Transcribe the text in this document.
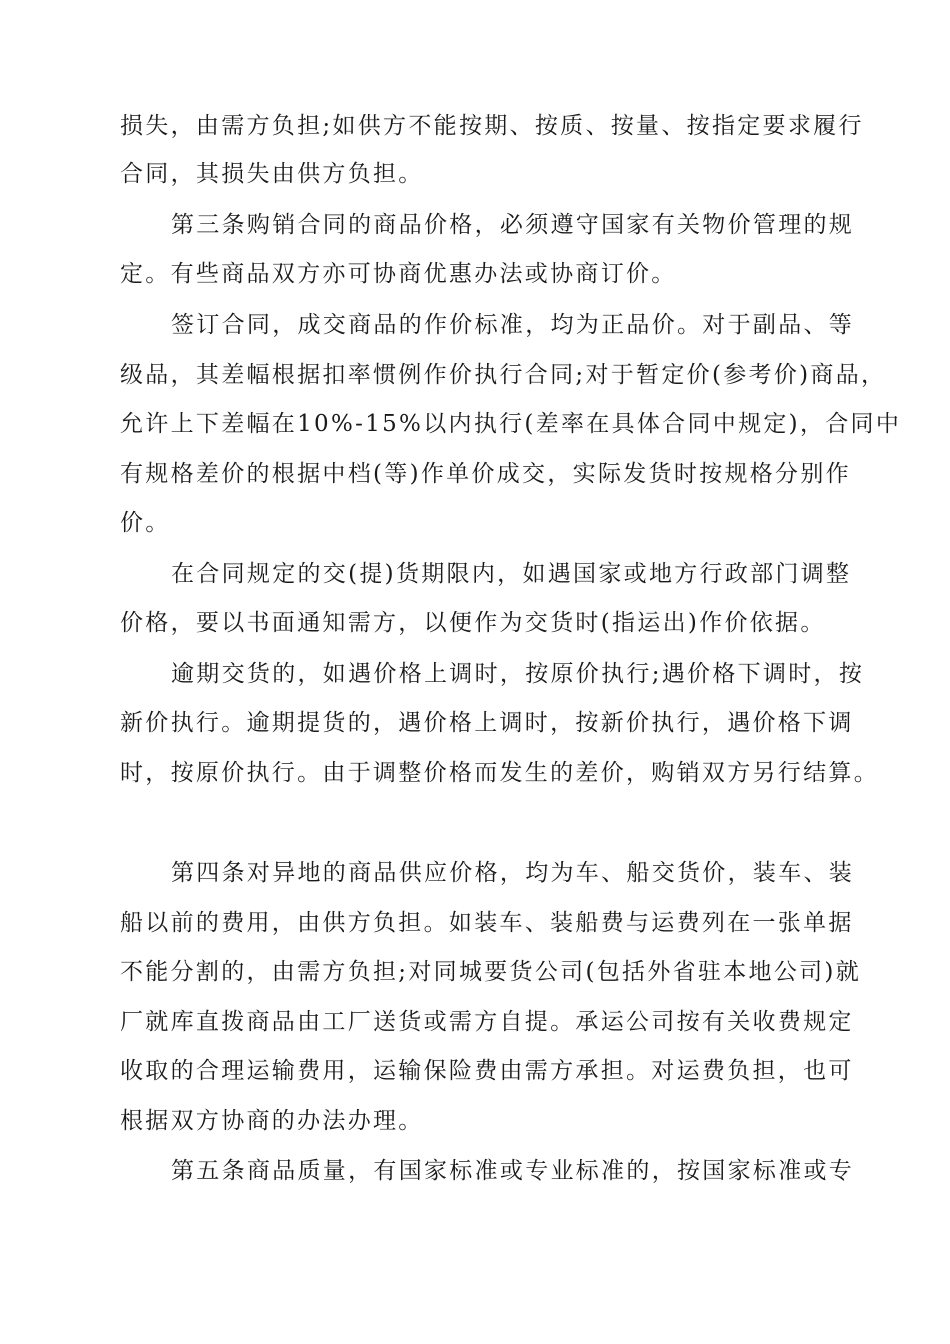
损失，由需方负担;如供方不能按期、按质、按量、按指定要求履行
合同，其损失由供方负担。
第三条购销合同的商品价格，必须遵守国家有关物价管理的规
定。有些商品双方亦可协商优惠办法或协商订价。
签订合同，成交商品的作价标准，均为正品价。对于副品、等
级品，其差幅根据扣率惯例作价执行合同;对于暂定价(参考价)商品，
允许上下差幅在10%-15%以内执行(差率在具体合同中规定)，合同中
有规格差价的根据中档(等)作单价成交，实际发货时按规格分别作
价。
在合同规定的交(提)货期限内，如遇国家或地方行政部门调整
价格，要以书面通知需方，以便作为交货时(指运出)作价依据。
逾期交货的，如遇价格上调时，按原价执行;遇价格下调时，按
新价执行。逾期提货的，遇价格上调时，按新价执行，遇价格下调
时，按原价执行。由于调整价格而发生的差价，购销双方另行结算。
第四条对异地的商品供应价格，均为车、船交货价，装车、装
船以前的费用，由供方负担。如装车、装船费与运费列在一张单据
不能分割的，由需方负担;对同城要货公司(包括外省驻本地公司)就
厂就库直拨商品由工厂送货或需方自提。承运公司按有关收费规定
收取的合理运输费用，运输保险费由需方承担。对运费负担，也可
根据双方协商的办法办理。
第五条商品质量，有国家标准或专业标准的，按国家标准或专
